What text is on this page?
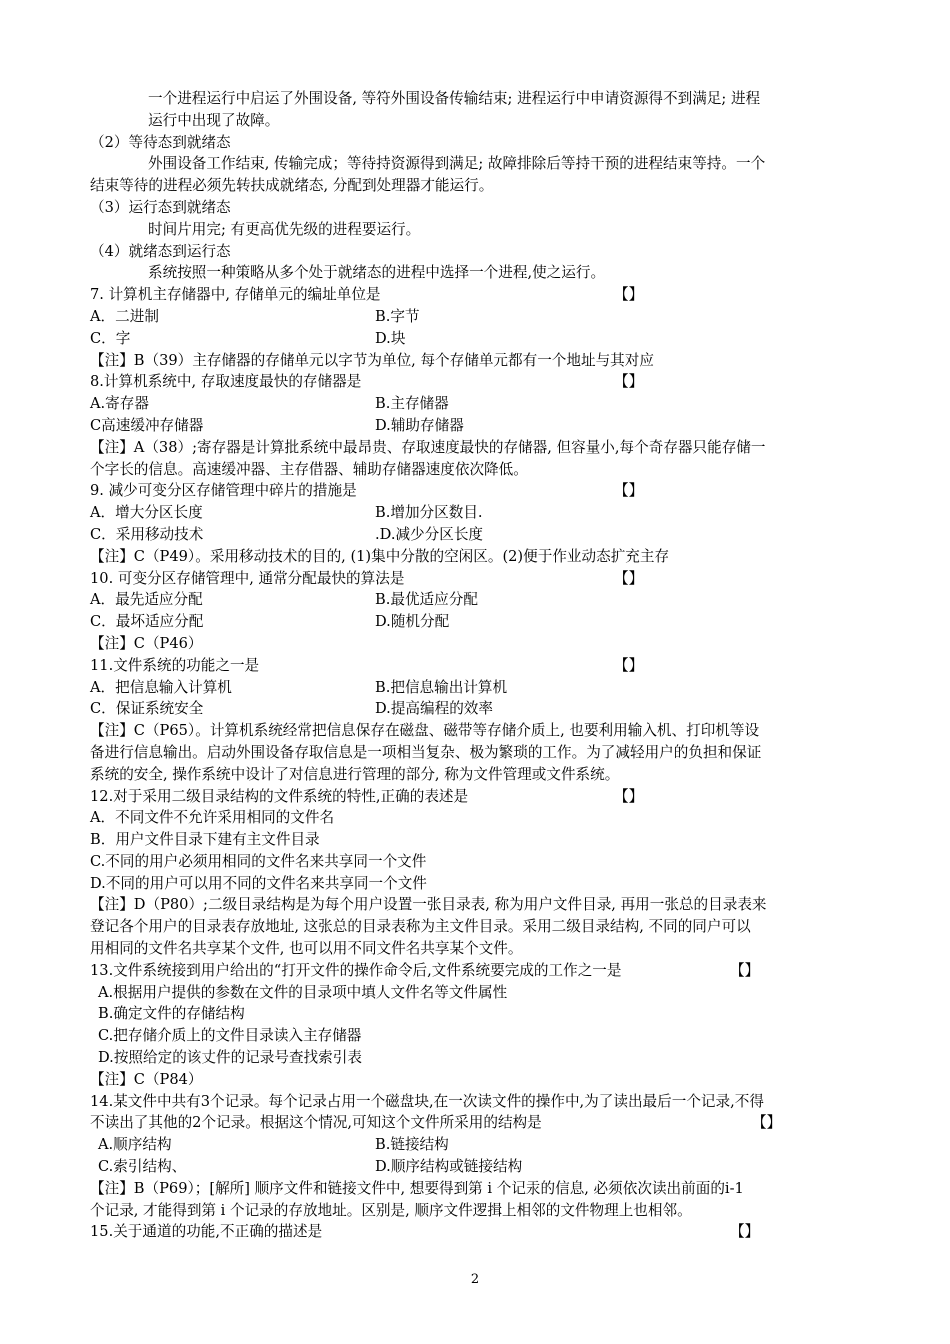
一个进程运行中启运了外围设备, 等符外围设备传输结束; 进程运行中申请资源得不到满足; 进程
运行中出现了故障。
（2）等待态到就绪态
外围设备工作结束, 传输完成；等待持资源得到满足; 故障排除后等持干预的进程结束等持。一个
结束等待的进程必须先转扶成就绪态, 分配到处理器才能运行。
（3）运行态到就绪态
时间片用完; 有更高优先级的进程要运行。
（4）就绪态到运行态
系统按照一种策略从多个处于就绪态的进程中选择一个进程,使之运行。
7. 计算机主存储器中, 存储单元的编址单位是	【】
A．二进制	B.字节
C．字	D.块
【注】B（39）主存储器的存储单元以字节为单位, 每个存储单元都有一个地址与其对应
8.计算机系统中, 存取速度最快的存储器是	【】
A.寄存器	B.主存储器
C高速缓冲存储器	D.辅助存储器
【注】A（38）;寄存器是计算批系统中最昂贵、存取速度最快的存储器, 但容量小,每个奇存器只能存储一
个字长的信息。高速缓冲器、主存借器、辅助存储器速度依次降低。
9. 减少可变分区存储管理中碎片的措施是	【】
A．增大分区长度	B.增加分区数目.
C．采用移动技术	.D.减少分区长度
【注】C（P49）。采用移动技术的目的, (1)集中分散的空闲区。(2)便于作业动态扩充主存
10. 可变分区存储管理中, 通常分配最快的算法是	【】
A．最先适应分配	B.最优适应分配
C．最坏适应分配	D.随机分配
【注】C（P46）
11.文件系统的功能之一是	【】
A．把信息输入计算机	B.把信息输出计算机
C．保证系统安全	D.提高编程的效率
【注】C（P65）。计算机系统经常把信息保存在磁盘、磁带等存储介质上, 也要利用输入机、打印机等设
备进行信息输出。启动外围设备存取信息是一项相当复杂、极为繁琐的工作。为了减轻用户的负担和保证
系统的安全, 操作系统中设计了对信息进行管理的部分, 称为文件管理或文件系统。
12.对于采用二级目录结构的文件系统的特性,正确的表述是	【】
A．不同文件不允许采用相同的文件名
B．用户文件目录下建有主文件目录
C.不同的用户必须用相同的文件名来共享同一个文件
D.不同的用户可以用不同的文件名来共享同一个文件
【注】D（P80）;二级目录结构是为每个用户设置一张目录表, 称为用户文件目录, 再用一张总的目录表来
登记各个用户的目录表存放地址, 这张总的目录表称为主文件目录。采用二级目录结构, 不同的同户可以
用相同的文件名共享某个文件, 也可以用不同文件名共享某个文件。
13.文件系统接到用户给出的“打开文件的操作命令后,文件系统要完成的工作之一是	【】
A.根据用户提供的参数在文件的目录项中填人文件名等文件属性
B.确定文件的存储结构
C.把存储介质上的文件目录读入主存储器
D.按照给定的该丈件的记录号查找索引表
【注】C（P84）
14.某文件中共有3个记录。每个记录占用一个磁盘块,在一次读文件的操作中,为了读出最后一个记录,不得
不读出了其他的2个记录。根据这个情况,可知这个文件所采用的结构是	【】
A.顺序结构	B.链接结构
C.索引结构、	D.顺序结构或链接结构
【注】B（P69）；[解所] 顺序文件和链接文件中, 想要得到第 i 个记汞的信息, 必须依次读出前面的i-1
个记录, 才能得到第 i 个记录的存放地址。区别是, 顺序文件逻揖上相邻的文件物理上也相邻。
15.关于通道的功能,不正确的描述是	【】
2
